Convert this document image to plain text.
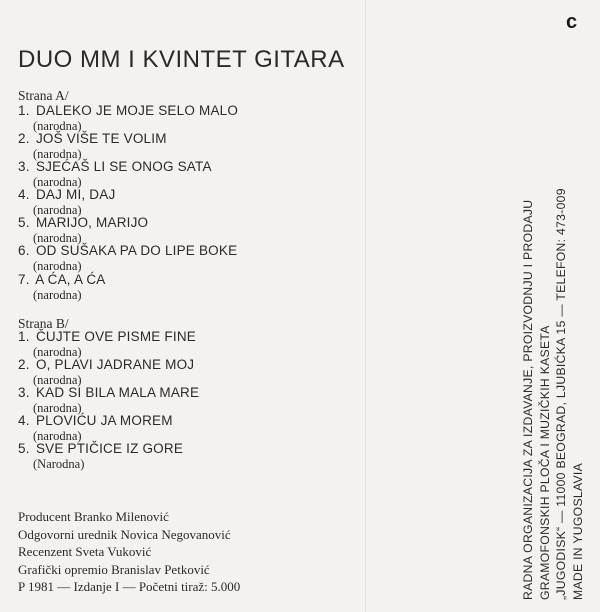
c
DUO MM I KVINTET GITARA
Strana A/
1. DALEKO JE MOJE SELO MALO
(narodna)
2. JOŠ VIŠE TE VOLIM
(narodna)
3. SJEĆAŠ LI SE ONOG SATA
(narodna)
4. DAJ MI, DAJ
(narodna)
5. MARIJO, MARIJO
(narodna)
6. OD SUŠAKA PA DO LIPE BOKE
(narodna)
7. A ĆA, A ĆA
(narodna)
Strana B/
1. ČUJTE OVE PISME FINE
(narodna)
2. O, PLAVI JADRANE MOJ
(narodna)
3. KAD SI BILA MALA MARE
(narodna)
4. PLOVIĆU JA MOREM
(narodna)
5. SVE PTIČICE IZ GORE
(Narodna)
Producent Branko Milenović
Odgovorni urednik Novica Negovanović
Recenzent Sveta Vuković
Grafički opremio Branislav Petković
P 1981 — Izdanje I — Početni tiraž: 5.000	RADNA ORGANIZACIJA ZA IZDAVANJE, PROIZVODNJU I PRODAJU GRAMOFONSKIH PLOČA I MUZIČKIH KASETA „JUGODISK“ — 11000 BEOGRAD, LJUBIĆKA 15 — TELEFON: 473-009 MADE IN YUGOSLAVIA
